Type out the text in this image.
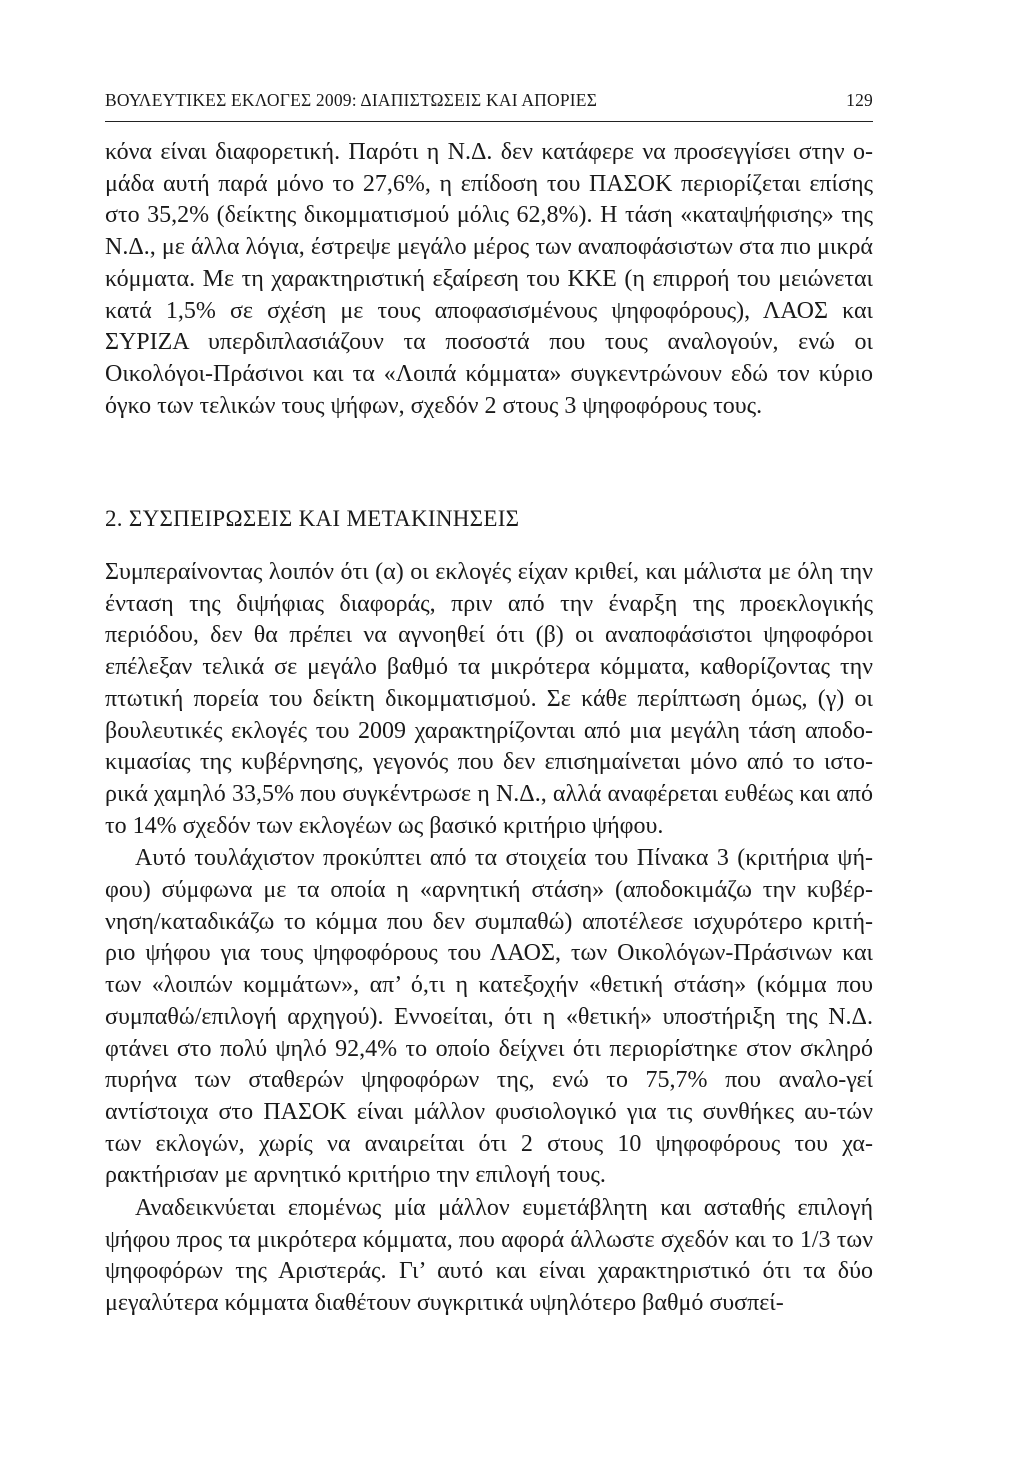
ΒΟΥΛΕΥΤΙΚΕΣ ΕΚΛΟΓΕΣ 2009: ΔΙΑΠΙΣΤΩΣΕΙΣ ΚΑΙ ΑΠΟΡΙΕΣ	129

κόνα είναι διαφορετική. Παρότι η Ν.Δ. δεν κατάφερε να προσεγγίσει στην ο-μάδα αυτή παρά μόνο το 27,6%, η επίδοση του ΠΑΣΟΚ περιορίζεται επίσης στο 35,2% (δείκτης δικομματισμού μόλις 62,8%). Η τάση «καταψήφισης» της Ν.Δ., με άλλα λόγια, έστρεψε μεγάλο μέρος των αναποφάσιστων στα πιο μικρά κόμματα. Με τη χαρακτηριστική εξαίρεση του ΚΚΕ (η επιρροή του μειώνεται κατά 1,5% σε σχέση με τους αποφασισμένους ψηφοφόρους), ΛΑΟΣ και ΣΥΡΙΖΑ υπερδιπλασιάζουν τα ποσοστά που τους αναλογούν, ενώ οι Οικολόγοι-Πράσινοι και τα «Λοιπά κόμματα» συγκεντρώνουν εδώ τον κύριο όγκο των τελικών τους ψήφων, σχεδόν 2 στους 3 ψηφοφόρους τους.

2. ΣΥΣΠΕΙΡΩΣΕΙΣ ΚΑΙ ΜΕΤΑΚΙΝΗΣΕΙΣ

Συμπεραίνοντας λοιπόν ότι (α) οι εκλογές είχαν κριθεί, και μάλιστα με όλη την ένταση της διψήφιας διαφοράς, πριν από την έναρξη της προεκλογικής περιόδου, δεν θα πρέπει να αγνοηθεί ότι (β) οι αναποφάσιστοι ψηφοφόροι επέλεξαν τελικά σε μεγάλο βαθμό τα μικρότερα κόμματα, καθορίζοντας την πτωτική πορεία του δείκτη δικομματισμού. Σε κάθε περίπτωση όμως, (γ) οι βουλευτικές εκλογές του 2009 χαρακτηρίζονται από μια μεγάλη τάση αποδο-κιμασίας της κυβέρνησης, γεγονός που δεν επισημαίνεται μόνο από το ιστο-ρικά χαμηλό 33,5% που συγκέντρωσε η Ν.Δ., αλλά αναφέρεται ευθέως και από το 14% σχεδόν των εκλογέων ως βασικό κριτήριο ψήφου.

Αυτό τουλάχιστον προκύπτει από τα στοιχεία του Πίνακα 3 (κριτήρια ψή-φου) σύμφωνα με τα οποία η «αρνητική στάση» (αποδοκιμάζω την κυβέρ-νηση/καταδικάζω το κόμμα που δεν συμπαθώ) αποτέλεσε ισχυρότερο κριτή-ριο ψήφου για τους ψηφοφόρους του ΛΑΟΣ, των Οικολόγων-Πράσινων και των «λοιπών κομμάτων», απ’ ό,τι η κατεξοχήν «θετική στάση» (κόμμα που συμπαθώ/επιλογή αρχηγού). Εννοείται, ότι η «θετική» υποστήριξη της Ν.Δ. φτάνει στο πολύ ψηλό 92,4% το οποίο δείχνει ότι περιορίστηκε στον σκληρό πυρήνα των σταθερών ψηφοφόρων της, ενώ το 75,7% που αναλο-γεί αντίστοιχα στο ΠΑΣΟΚ είναι μάλλον φυσιολογικό για τις συνθήκες αυ-τών των εκλογών, χωρίς να αναιρείται ότι 2 στους 10 ψηφοφόρους του χα-ρακτήρισαν με αρνητικό κριτήριο την επιλογή τους.

Αναδεικνύεται επομένως μία μάλλον ευμετάβλητη και ασταθής επιλογή ψήφου προς τα μικρότερα κόμματα, που αφορά άλλωστε σχεδόν και το 1/3 των ψηφοφόρων της Αριστεράς. Γι’ αυτό και είναι χαρακτηριστικό ότι τα δύο μεγαλύτερα κόμματα διαθέτουν συγκριτικά υψηλότερο βαθμό συσπεί-
